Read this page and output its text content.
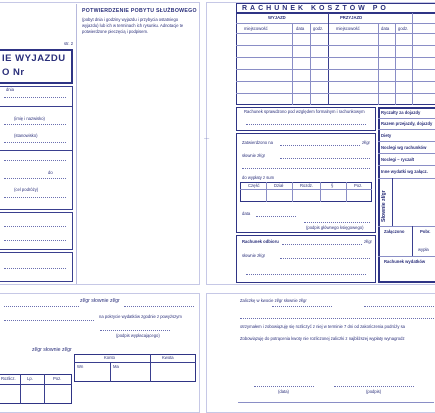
POTWIERDZENIE POBYTU SŁUŻBOWEGO
(pobyt dnia i godziny wyjazdu i przybycia ostatniego
wyjazdu) lub ich w terminach ich rysunku. Adnotacje te
potwierdzone pieczęcią i podpisem.
str. 2
IE WYJAZDU
O Nr
dnia
(imię i nazwisko)
(stanowisko)
do
(cel podróży)
zł/gr słownie zł/gr
na pokrycie wydatków zgodnie z powyższym
(podpis wypłacającego)
zł/gr słownie zł/gr
Konto	Kwota
Wn	Ma
Rozlicz.	Lp.	Poz.
RACHUNEK KOSZTÓW PO
WYJAZD	PRZYJAZD
miejscowość	data godz.	miejscowość	data godz.
│
Rachunek sprawdzono pod względem formalnym i rachunkowym
Zatwierdzono na	zł/gr
słownie zł/gr
do wypłaty z sum
Część	Dział	Rozdz.	§	Poz.
data
(podpis głównego księgowego)
Rachunek odbioru	zł/gr
słownie zł/gr
Ryczałty za dojazdy
Razem przejazdy, dojazdy
Diety
Noclegi wg rachunków
Noclegi – ryczałt
Inne wydatki wg załącz.
Słownie zł/gr
Załączono	Pobr.
wypła
Rachunek wydatków
Zaliczkę w kwocie zł/gr słownie zł/gr
otrzymałem i zobowiązuję się rozliczyć z niej w terminie 7 dni od zakończenia podróży sa
Zobowiązuję do potrącenia kwoty nie rozliczonej zaliczki z najbliższej wypłaty wynagrodz
(data)	(podpis)
